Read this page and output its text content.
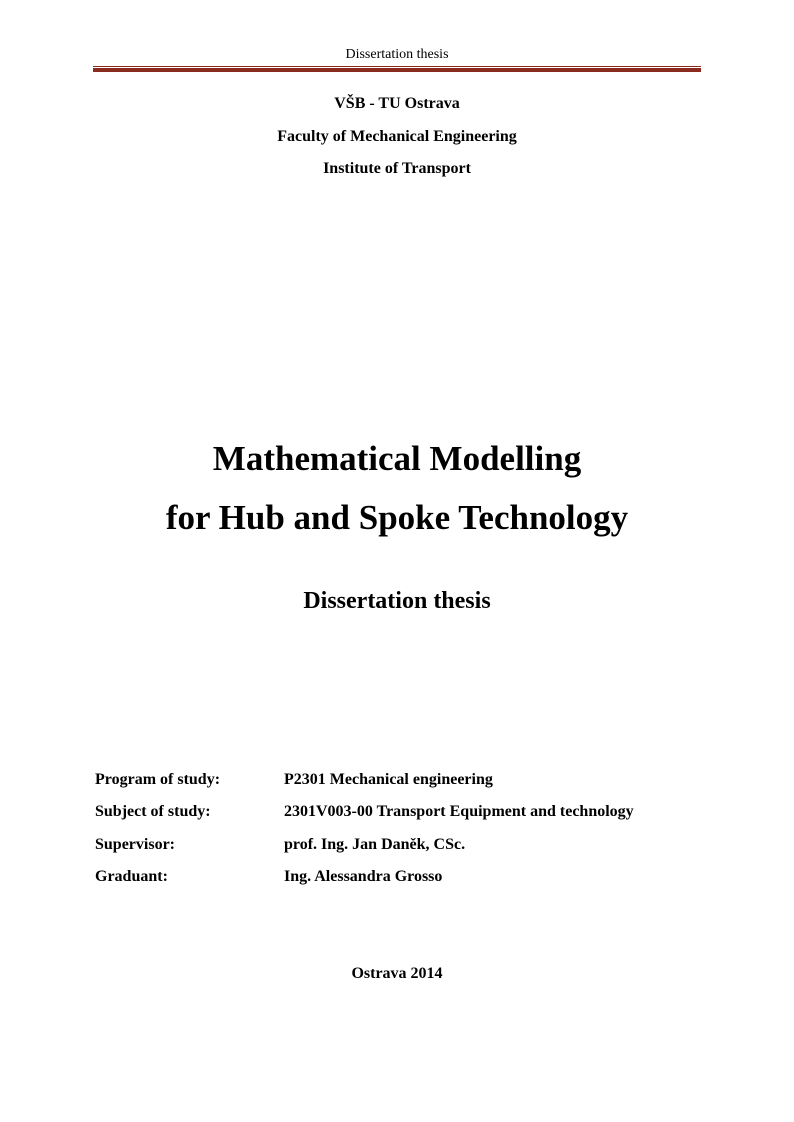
Dissertation thesis
VŠB - TU Ostrava
Faculty of Mechanical Engineering
Institute of Transport
Mathematical Modelling
for Hub and Spoke Technology
Dissertation thesis
Program of study:	P2301 Mechanical engineering
Subject of study:	2301V003-00 Transport Equipment and technology
Supervisor:	prof. Ing. Jan Daněk, CSc.
Graduant:	Ing. Alessandra Grosso
Ostrava 2014
